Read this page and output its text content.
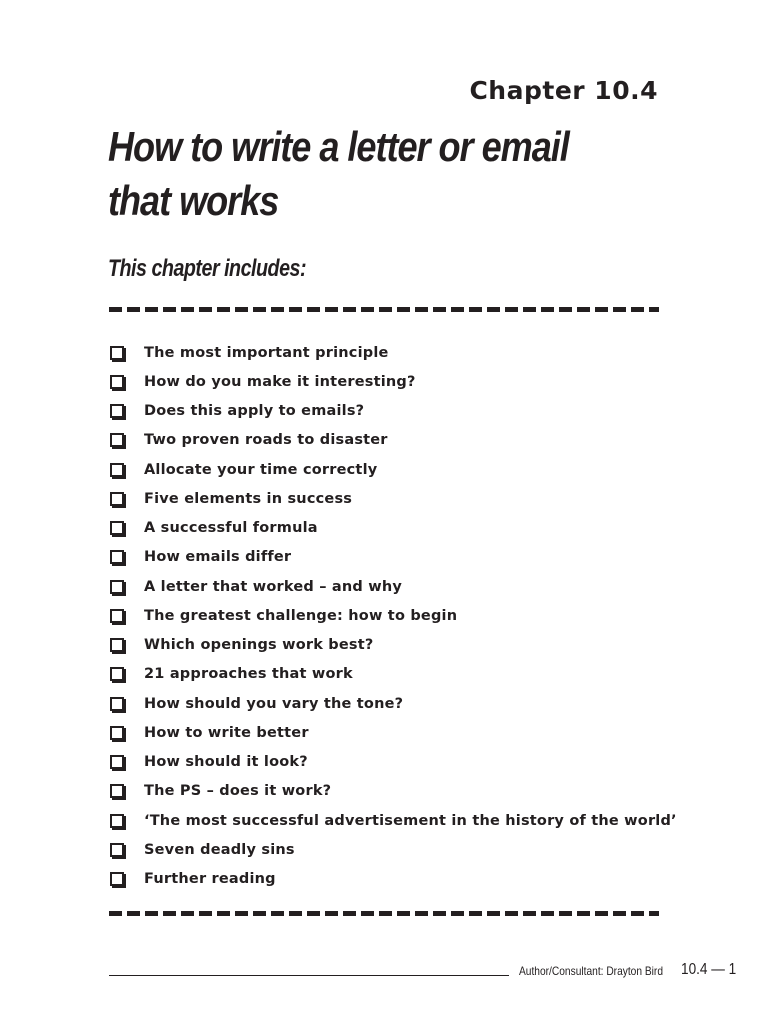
Chapter 10.4
How to write a letter or email that works
This chapter includes:
The most important principle
How do you make it interesting?
Does this apply to emails?
Two proven roads to disaster
Allocate your time correctly
Five elements in success
A successful formula
How emails differ
A letter that worked – and why
The greatest challenge: how to begin
Which openings work best?
21 approaches that work
How should you vary the tone?
How to write better
How should it look?
The PS – does it work?
‘The most successful advertisement in the history of the world’
Seven deadly sins
Further reading
Author/Consultant: Drayton Bird 10.4 — 1
